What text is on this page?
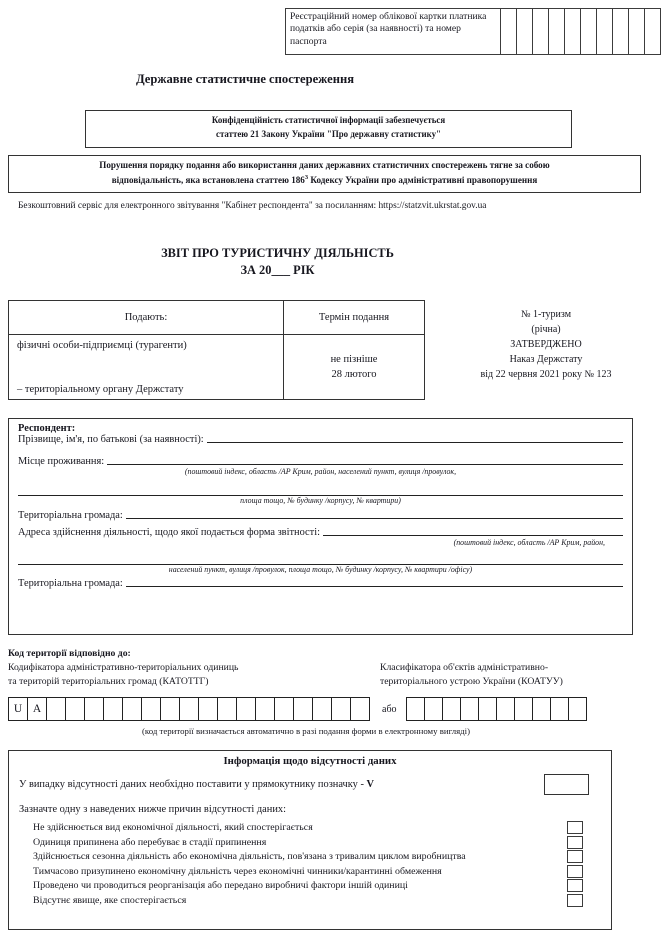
Реєстраційний номер облікової картки платника податків або серія (за наявності) та номер паспорта
Державне статистичне спостереження
Конфіденційність статистичної інформації забезпечується
статтею 21 Закону України "Про державну статистику"
Порушення порядку подання або використання даних державних статистичних спостережень тягне за собою
відповідальність, яка встановлена статтею $186^3$ Кодексу України про адміністративні правопорушення
Безкоштовний сервіс для електронного звітування "Кабінет респондента" за посиланням: https://statzvit.ukrstat.gov.ua
ЗВІТ ПРО ТУРИСТИЧНУ ДІЯЛЬНІСТЬ
ЗА 20___ РІК
Подають:	Термін подання
фізичні особи-підприємці (турагенти)
– територіальному органу Держстату
не пізніше
28 лютого
№ 1-туризм
(річна)
ЗАТВЕРДЖЕНО
Наказ Держстату
від 22 червня 2021 року № 123
Респондент:
Прізвище, ім'я, по батькові (за наявності):
Місце проживання:
(поштовий індекс, область /АР Крим, район, населений пункт, вулиця /провулок,
площа тощо, № будинку /корпусу, № квартири)
Територіальна громада:
Адреса здійснення діяльності, щодо якої подається форма звітності:
(поштовий індекс, область /АР Крим, район,
населений пункт, вулиця /провулок, площа тощо, № будинку /корпусу, № квартири /офісу)
Територіальна громада:
Код території відповідно до:
Кодифікатора адміністративно-територіальних одиниць
та територій територіальних громад (КАТОТТГ)
Класифікатора об'єктів адміністративно-
територіального устрою України (КОАТУУ)
U A	або
(код території визначається автоматично в разі подання форми в електронному вигляді)
Інформація щодо відсутності даних
У випадку відсутності даних необхідно поставити у прямокутнику позначку - V
Зазначте одну з наведених нижче причин відсутності даних:
Не здійснюється вид економічної діяльності, який спостерігається
Одиниця припинена або перебуває в стадії припинення
Здійснюється сезонна діяльність або економічна діяльність, пов'язана з тривалим циклом виробництва
Тимчасово призупинено економічну діяльність через економічні чинники/карантинні обмеження
Проведено чи проводиться реорганізація або передано виробничі фактори іншій одиниці
Відсутнє явище, яке спостерігається
